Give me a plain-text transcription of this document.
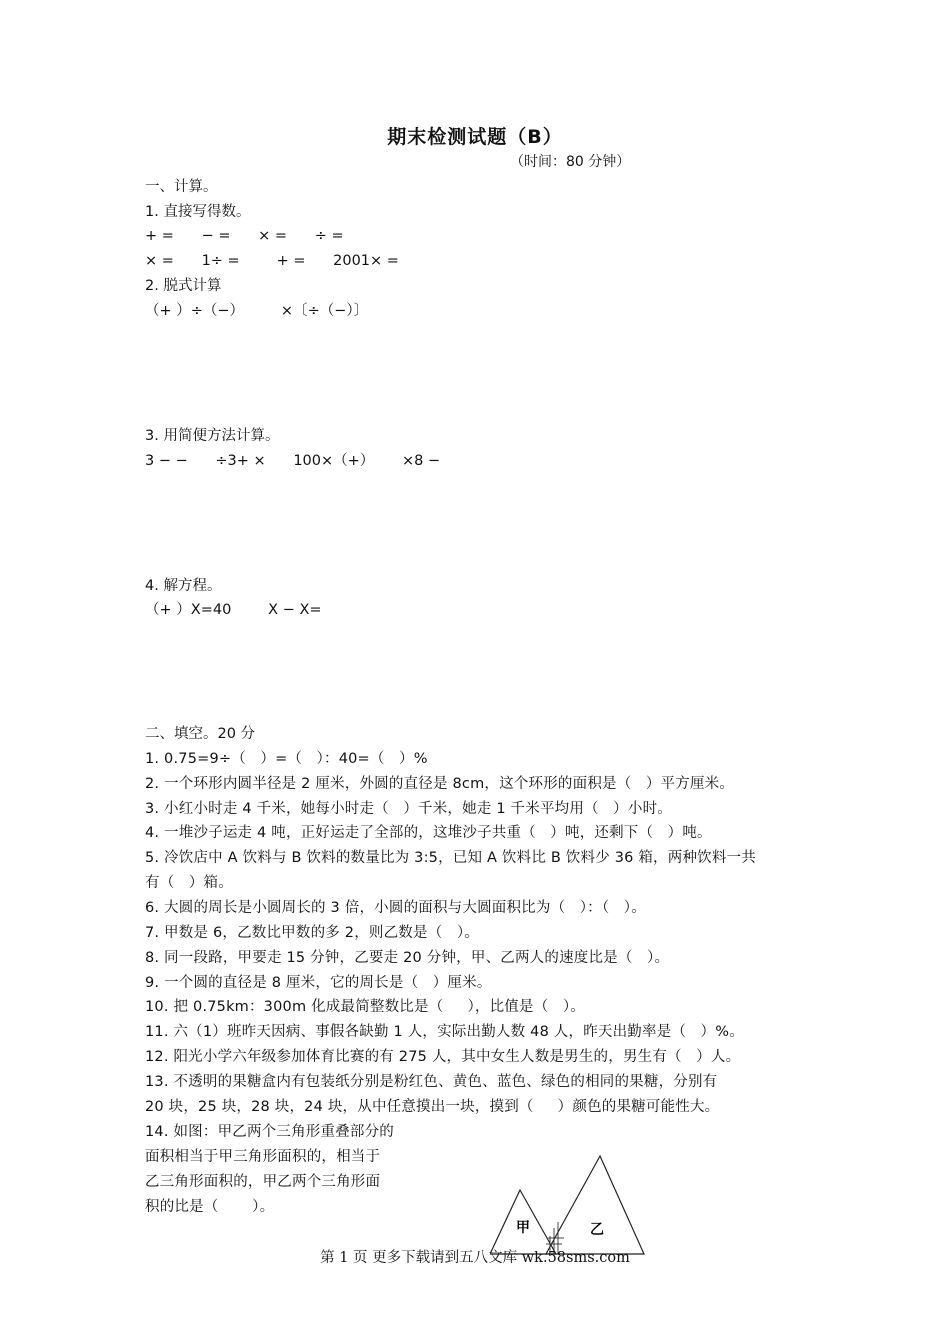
期末检测试题（B）
（时间：80 分钟）
一、计算。
1. 直接写得数。
+ =      − =      × =      ÷ =
× =      1÷ =        + =      2001× =
2. 脱式计算
（+ ）÷（−）        ×〔÷（−）〕
3. 用简便方法计算。
3 − −      ÷3+ ×      100×（+）      ×8 −
4. 解方程。
（+ ）X=40        X − X=
二、填空。20 分
1. 0.75=9÷（   ）=（   ）：40=（   ）%
2. 一个环形内圆半径是 2 厘米，外圆的直径是 8cm，这个环形的面积是（   ）平方厘米。
3. 小红小时走 4 千米，她每小时走（   ）千米，她走 1 千米平均用（   ）小时。
4. 一堆沙子运走 4 吨，正好运走了全部的，这堆沙子共重（   ）吨，还剩下（   ）吨。
5. 冷饮店中 A 饮料与 B 饮料的数量比为 3:5，已知 A 饮料比 B 饮料少 36 箱，两种饮料一共
有（   ）箱。
6. 大圆的周长是小圆周长的 3 倍，小圆的面积与大圆面积比为（   ）：（   ）。
7. 甲数是 6，乙数比甲数的多 2，则乙数是（   ）。
8. 同一段路，甲要走 15 分钟，乙要走 20 分钟，甲、乙两人的速度比是（   ）。
9. 一个圆的直径是 8 厘米，它的周长是（   ）厘米。
10. 把 0.75km：300m 化成最简整数比是（     ），比值是（   ）。
11. 六（1）班昨天因病、事假各缺勤 1 人，实际出勤人数 48 人，昨天出勤率是（   ）%。
12. 阳光小学六年级参加体育比赛的有 275 人，其中女生人数是男生的，男生有（   ）人。
13. 不透明的果糖盒内有包装纸分别是粉红色、黄色、蓝色、绿色的相同的果糖，分别有
20 块，25 块，28 块，24 块，从中任意摸出一块，摸到（     ）颜色的果糖可能性大。
14. 如图：甲乙两个三角形重叠部分的
面积相当于甲三角形面积的，相当于
乙三角形面积的，甲乙两个三角形面
积的比是（       ）。
甲	乙
第 1 页 更多下载请到五八文库 wk.58sms.com
